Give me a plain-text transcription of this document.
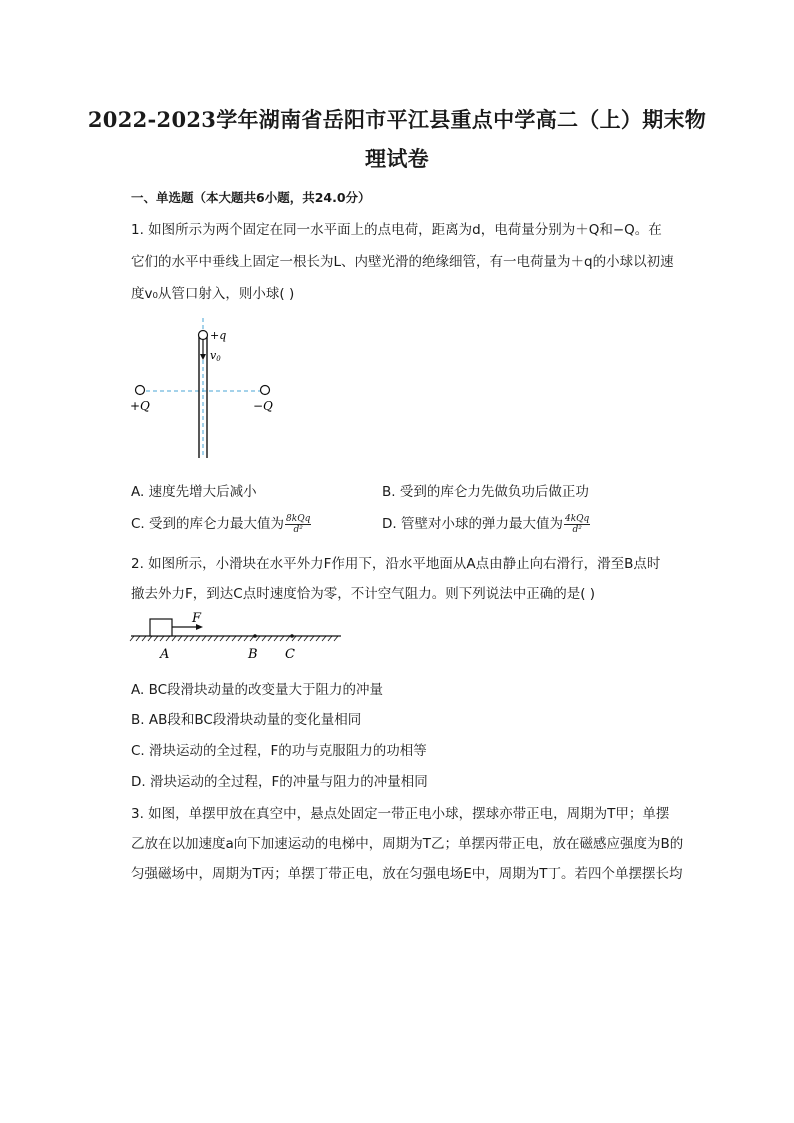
2022-2023学年湖南省岳阳市平江县重点中学高二（上）期末物
理试卷
一、单选题（本大题共6小题，共24.0分）
1. 如图所示为两个固定在同一水平面上的点电荷，距离为d，电荷量分别为＋Q和−Q。在
它们的水平中垂线上固定一根长为L、内壁光滑的绝缘细管，有一电荷量为＋q的小球以初速
度v₀从管口射入，则小球( )
+q
v0
+Q	−Q
A. 速度先增大后减小	B. 受到的库仑力先做负功后做正功
C. 受到的库仑力最大值为 $\frac{\text{8kQq}}{\text{d²}}$	D. 管壁对小球的弹力最大值为 $\frac{\text{4kQq}}{\text{d²}}$
2. 如图所示，小滑块在水平外力F作用下，沿水平地面从A点由静止向右滑行，滑至B点时
撤去外力F，到达C点时速度恰为零，不计空气阻力。则下列说法中正确的是( )
F
A	B C
A. BC段滑块动量的改变量大于阻力的冲量
B. AB段和BC段滑块动量的变化量相同
C. 滑块运动的全过程，F的功与克服阻力的功相等
D. 滑块运动的全过程，F的冲量与阻力的冲量相同
3. 如图，单摆甲放在真空中，悬点处固定一带正电小球，摆球亦带正电，周期为T甲；单摆
乙放在以加速度a向下加速运动的电梯中，周期为T乙；单摆丙带正电，放在磁感应强度为B的
匀强磁场中，周期为T丙；单摆丁带正电，放在匀强电场E中，周期为T丁。若四个单摆摆长均
